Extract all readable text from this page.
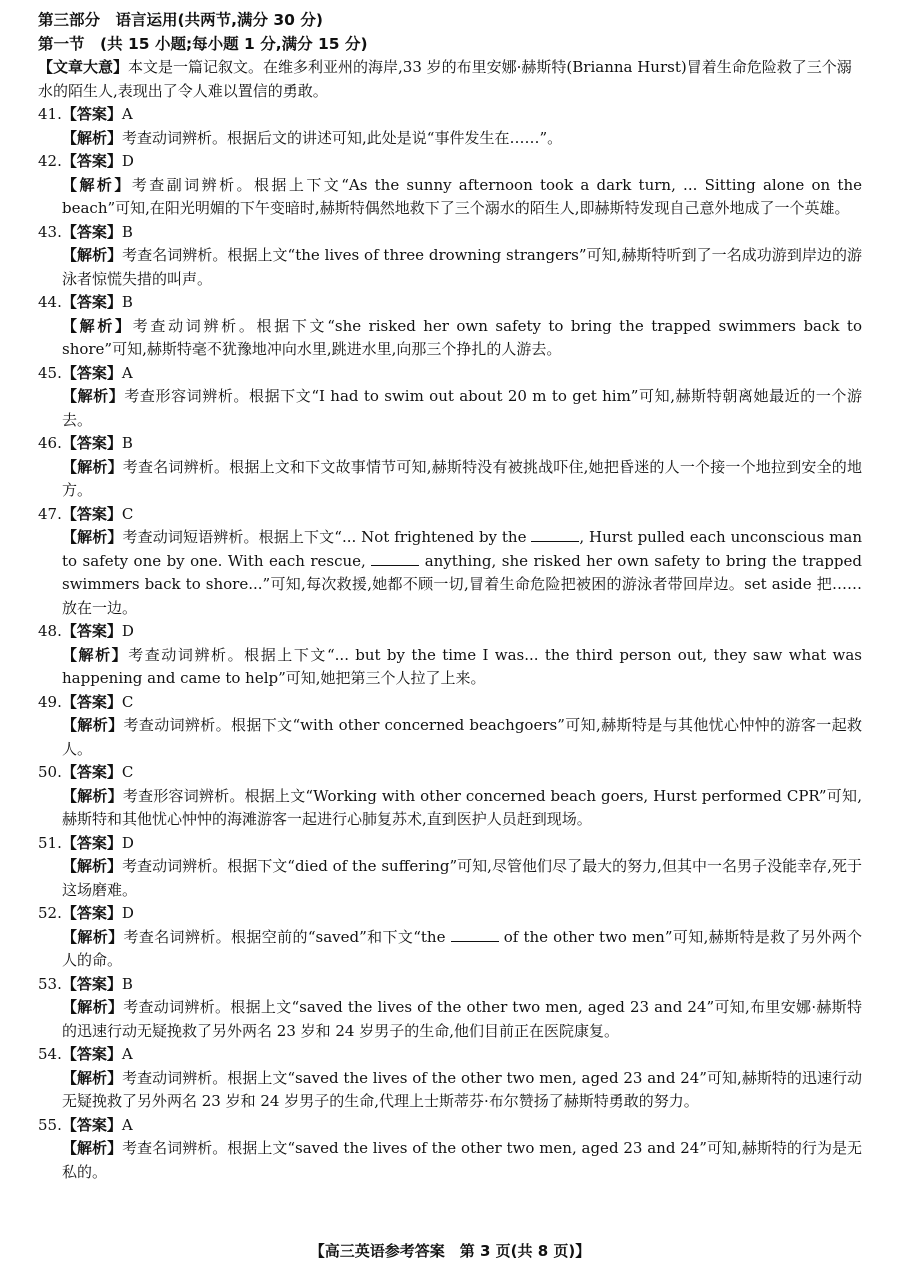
第三部分　语言运用(共两节,满分 30 分)
第一节　(共 15 小题;每小题 1 分,满分 15 分)

【文章大意】本文是一篇记叙文。在维多利亚州的海岸,33 岁的布里安娜·赫斯特(Brianna Hurst)冒着生命危险救了三个溺水的陌生人,表现出了令人难以置信的勇敢。

41.【答案】A
【解析】考查动词辨析。根据后文的讲述可知,此处是说“事件发生在……”。
42.【答案】D
【解析】考查副词辨析。根据上下文“As the sunny afternoon took a dark turn, ... Sitting alone on the beach”可知,在阳光明媚的下午变暗时,赫斯特偶然地救下了三个溺水的陌生人,即赫斯特发现自己意外地成了一个英雄。
43.【答案】B
【解析】考查名词辨析。根据上文“the lives of three drowning strangers”可知,赫斯特听到了一名成功游到岸边的游泳者惊慌失措的叫声。
44.【答案】B
【解析】考查动词辨析。根据下文“she risked her own safety to bring the trapped swimmers back to shore”可知,赫斯特毫不犹豫地冲向水里,跳进水里,向那三个挣扎的人游去。
45.【答案】A
【解析】考查形容词辨析。根据下文“I had to swim out about 20 m to get him”可知,赫斯特朝离她最近的一个游去。
46.【答案】B
【解析】考查名词辨析。根据上文和下文故事情节可知,赫斯特没有被挑战吓住,她把昏迷的人一个接一个地拉到安全的地方。
47.【答案】C
【解析】考查动词短语辨析。根据上下文“... Not frightened by the	, Hurst pulled each unconscious man to safety one by one. With each rescue,	anything, she risked her own safety to bring the trapped swimmers back to shore...”可知,每次救援,她都不顾一切,冒着生命危险把被困的游泳者带回岸边。set aside 把……放在一边。
48.【答案】D
【解析】考查动词辨析。根据上下文“... but by the time I was... the third person out, they saw what was happening and came to help”可知,她把第三个人拉了上来。
49.【答案】C
【解析】考查动词辨析。根据下文“with other concerned beachgoers”可知,赫斯特是与其他忧心忡忡的游客一起救人。
50.【答案】C
【解析】考查形容词辨析。根据上文“Working with other concerned beach goers, Hurst performed CPR”可知,赫斯特和其他忧心忡忡的海滩游客一起进行心肺复苏术,直到医护人员赶到现场。
51.【答案】D
【解析】考查动词辨析。根据下文“died of the suffering”可知,尽管他们尽了最大的努力,但其中一名男子没能幸存,死于这场磨难。
52.【答案】D
【解析】考查名词辨析。根据空前的“saved”和下文“the	of the other two men”可知,赫斯特是救了另外两个人的命。
53.【答案】B
【解析】考查动词辨析。根据上文“saved the lives of the other two men, aged 23 and 24”可知,布里安娜·赫斯特的迅速行动无疑挽救了另外两名 23 岁和 24 岁男子的生命,他们目前正在医院康复。
54.【答案】A
【解析】考查动词辨析。根据上文“saved the lives of the other two men, aged 23 and 24”可知,赫斯特的迅速行动无疑挽救了另外两名 23 岁和 24 岁男子的生命,代理上士斯蒂芬·布尔赞扬了赫斯特勇敢的努力。
55.【答案】A
【解析】考查名词辨析。根据上文“saved the lives of the other two men, aged 23 and 24”可知,赫斯特的行为是无私的。
【高三英语参考答案　第 3 页(共 8 页)】
